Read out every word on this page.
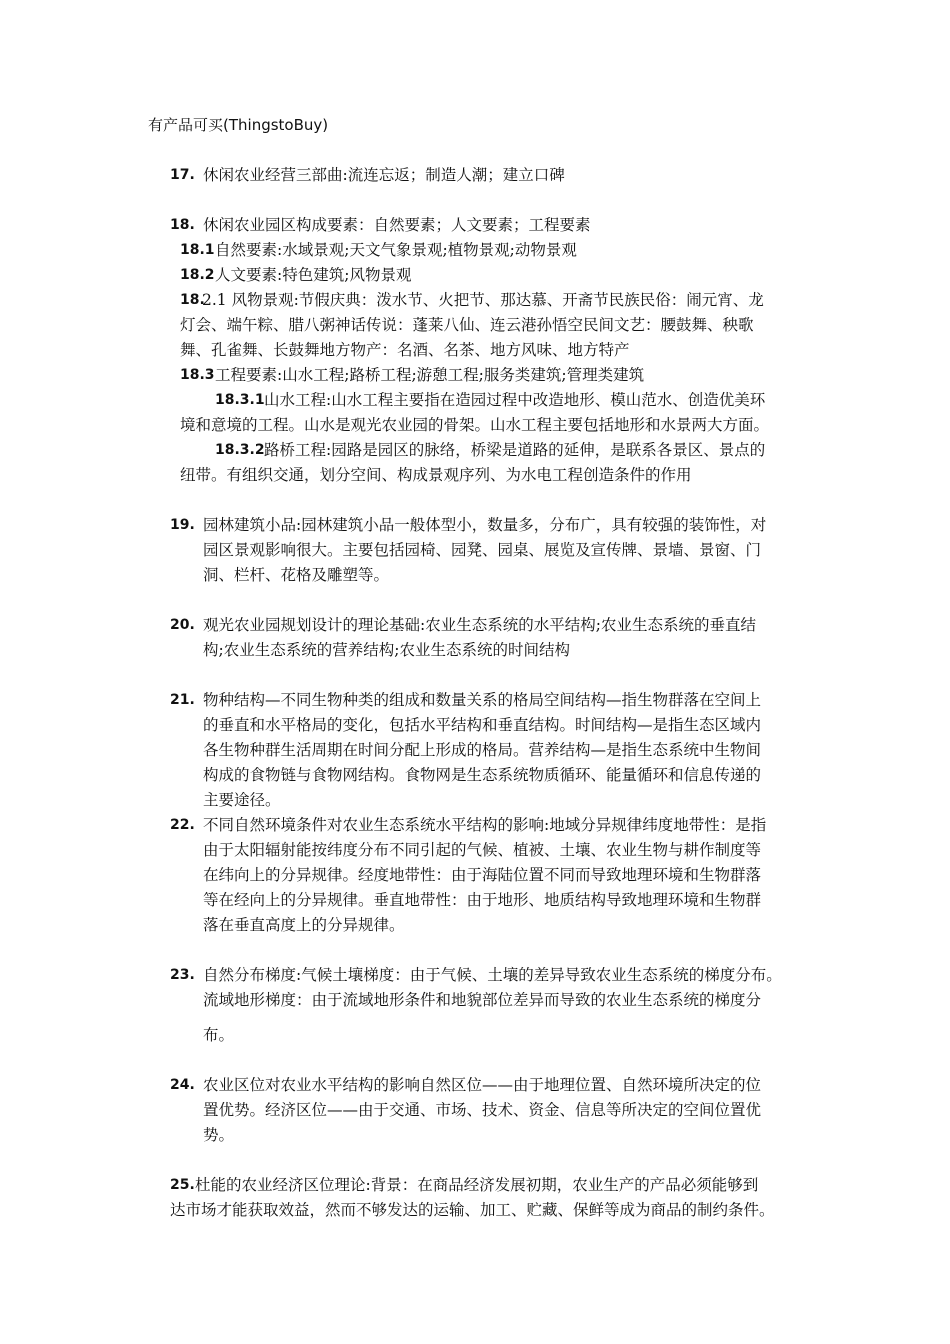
有产品可买(ThingstoBuy)
17. 休闲农业经营三部曲:流连忘返；制造人潮；建立口碑
18. 休闲农业园区构成要素：自然要素；人文要素；工程要素
18.1 自然要素:水域景观;天文气象景观;植物景观;动物景观
18.2 人文要素:特色建筑;风物景观
18.
2.1 风物景观:节假庆典：泼水节、火把节、那达慕、开斋节民族民俗：闹元宵、龙
灯会、端午粽、腊八粥神话传说：蓬莱八仙、连云港孙悟空民间文艺：腰鼓舞、秧歌
舞、孔雀舞、长鼓舞地方物产：名酒、名茶、地方风味、地方特产
18.3 工程要素:山水工程;路桥工程;游憩工程;服务类建筑;管理类建筑
18.3.1 山水工程:山水工程主要指在造园过程中改造地形、模山范水、创造优美环
境和意境的工程。山水是观光农业园的骨架。山水工程主要包括地形和水景两大方面。
18.3.2 路桥工程:园路是园区的脉络，桥梁是道路的延伸，是联系各景区、景点的
纽带。有组织交通，划分空间、构成景观序列、为水电工程创造条件的作用
19. 园林建筑小品:园林建筑小品一般体型小，数量多，分布广，具有较强的装饰性，对
园区景观影响很大。主要包括园椅、园凳、园桌、展览及宣传牌、景墙、景窗、门
洞、栏杆、花格及雕塑等。
20. 观光农业园规划设计的理论基础:农业生态系统的水平结构;农业生态系统的垂直结
构;农业生态系统的营养结构;农业生态系统的时间结构
21. 物种结构—不同生物种类的组成和数量关系的格局空间结构—指生物群落在空间上
的垂直和水平格局的变化，包括水平结构和垂直结构。时间结构—是指生态区域内
各生物种群生活周期在时间分配上形成的格局。营养结构—是指生态系统中生物间
构成的食物链与食物网结构。食物网是生态系统物质循环、能量循环和信息传递的
主要途径。
22. 不同自然环境条件对农业生态系统水平结构的影响:地域分异规律纬度地带性：是指
由于太阳辐射能按纬度分布不同引起的气候、植被、土壤、农业生物与耕作制度等
在纬向上的分异规律。经度地带性：由于海陆位置不同而导致地理环境和生物群落
等在经向上的分异规律。垂直地带性：由于地形、地质结构导致地理环境和生物群
落在垂直高度上的分异规律。
23. 自然分布梯度:气候土壤梯度：由于气候、土壤的差异导致农业生态系统的梯度分布。
流域地形梯度：由于流域地形条件和地貌部位差异而导致的农业生态系统的梯度分
布。
24. 农业区位对农业水平结构的影响自然区位——由于地理位置、自然环境所决定的位
置优势。经济区位——由于交通、市场、技术、资金、信息等所决定的空间位置优
势。
25. 杜能的农业经济区位理论:背景：在商品经济发展初期，农业生产的产品必须能够到
达市场才能获取效益，然而不够发达的运输、加工、贮藏、保鲜等成为商品的制约条件。
